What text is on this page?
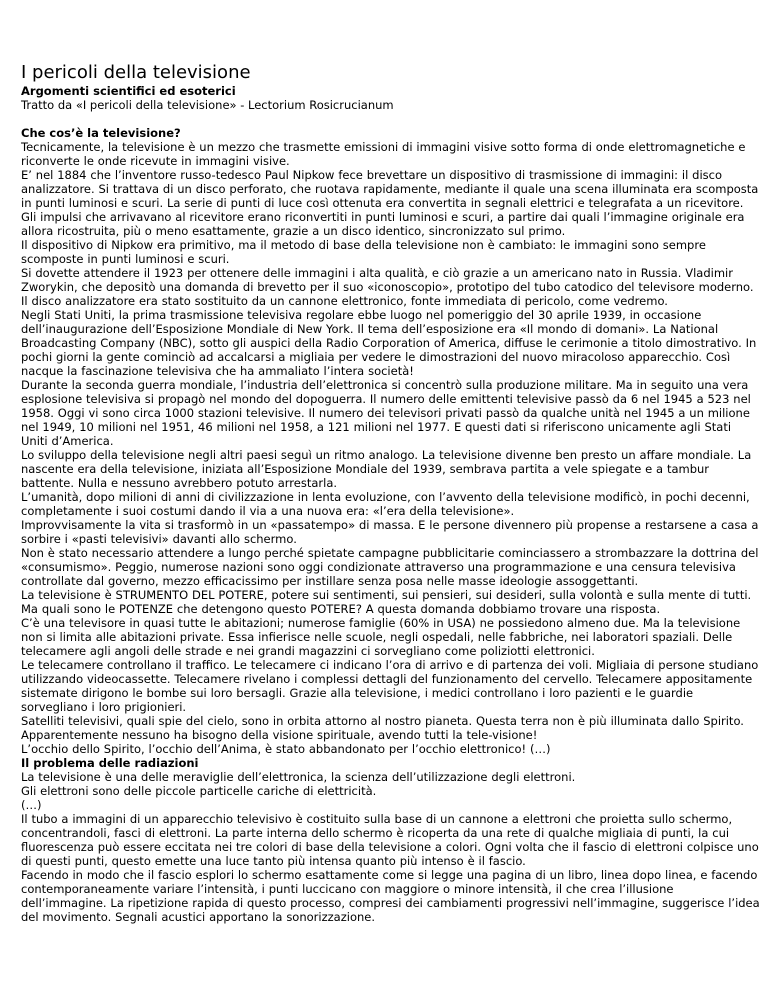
I pericoli della televisione
Argomenti scientifici ed esoterici
Tratto da «I pericoli della televisione» - Lectorium Rosicrucianum
Che cos’è la televisione?

Tecnicamente, la televisione è un mezzo che trasmette emissioni di immagini visive sotto forma di onde elettromagnetiche e riconverte le onde ricevute in immagini visive.

E’ nel 1884 che l’inventore russo-tedesco Paul Nipkow fece brevettare un dispositivo di trasmissione di immagini: il disco analizzatore. Si trattava di un disco perforato, che ruotava rapidamente, mediante il quale una scena illuminata era scomposta in punti luminosi e scuri. La serie di punti di luce così ottenuta era convertita in segnali elettrici e telegrafata a un ricevitore. Gli impulsi che arrivavano al ricevitore erano riconvertiti in punti luminosi e scuri, a partire dai quali l’immagine originale era allora ricostruita, più o meno esattamente, grazie a un disco identico, sincronizzato sul primo.

Il dispositivo di Nipkow era primitivo, ma il metodo di base della televisione non è cambiato: le immagini sono sempre scomposte in punti luminosi e scuri.

Si dovette attendere il 1923 per ottenere delle immagini i alta qualità, e ciò grazie a un americano nato in Russia. Vladimir Zworykin, che depositò una domanda di brevetto per il suo «iconoscopio», prototipo del tubo catodico del televisore moderno. Il disco analizzatore era stato sostituito da un cannone elettronico, fonte immediata di pericolo, come vedremo.

Negli Stati Uniti, la prima trasmissione televisiva regolare ebbe luogo nel pomeriggio del 30 aprile 1939, in occasione dell’inaugurazione dell’Esposizione Mondiale di New York. Il tema dell’esposizione era «Il mondo di domani». La National Broadcasting Company (NBC), sotto gli auspici della Radio Corporation of America, diffuse le cerimonie a titolo dimostrativo. In pochi giorni la gente cominciò ad accalcarsi a migliaia per vedere le dimostrazioni del nuovo miracoloso apparecchio. Così nacque la fascinazione televisiva che ha ammaliato l’intera società!

Durante la seconda guerra mondiale, l’industria dell’elettronica si concentrò sulla produzione militare. Ma in seguito una vera esplosione televisiva si propagò nel mondo del dopoguerra. Il numero delle emittenti televisive passò da 6 nel 1945 a 523 nel 1958. Oggi vi sono circa 1000 stazioni televisive. Il numero dei televisori privati passò da qualche unità nel 1945 a un milione nel 1949, 10 milioni nel 1951, 46 milioni nel 1958, a 121 milioni nel 1977. E questi dati si riferiscono unicamente agli Stati Uniti d’America.

Lo sviluppo della televisione negli altri paesi seguì un ritmo analogo. La televisione divenne ben presto un affare mondiale. La nascente era della televisione, iniziata all’Esposizione Mondiale del 1939, sembrava partita a vele spiegate e a tambur battente. Nulla e nessuno avrebbero potuto arrestarla.

L’umanità, dopo milioni di anni di civilizzazione in lenta evoluzione, con l’avvento della televisione modificò, in pochi decenni, completamente i suoi costumi dando il via a una nuova era: «l’era della televisione».

Improvvisamente la vita si trasformò in un «passatempo» di massa. E le persone divennero più propense a restarsene a casa a sorbire i «pasti televisivi» davanti allo schermo.

Non è stato necessario attendere a lungo perché spietate campagne pubblicitarie cominciassero a strombazzare la dottrina del «consumismo». Peggio, numerose nazioni sono oggi condizionate attraverso una programmazione e una censura televisiva controllate dal governo, mezzo efficacissimo per instillare senza posa nelle masse ideologie assoggettanti.

La televisione è STRUMENTO DEL POTERE, potere sui sentimenti, sui pensieri, sui desideri, sulla volontà e sulla mente di tutti. Ma quali sono le POTENZE che detengono questo POTERE? A questa domanda dobbiamo trovare una risposta.

C’è una televisore in quasi tutte le abitazioni; numerose famiglie (60% in USA) ne possiedono almeno due. Ma la televisione non si limita alle abitazioni private. Essa infierisce nelle scuole, negli ospedali, nelle fabbriche, nei laboratori spaziali. Delle telecamere agli angoli delle strade e nei grandi magazzini ci sorvegliano come poliziotti elettronici.

Le telecamere controllano il traffico. Le telecamere ci indicano l’ora di arrivo e di partenza dei voli. Migliaia di persone studiano utilizzando videocassette. Telecamere rivelano i complessi dettagli del funzionamento del cervello. Telecamere appositamente sistemate dirigono le bombe sui loro bersagli. Grazie alla televisione, i medici controllano i loro pazienti e le guardie sorvegliano i loro prigionieri.

Satelliti televisivi, quali spie del cielo, sono in orbita attorno al nostro pianeta. Questa terra non è più illuminata dallo Spirito. Apparentemente nessuno ha bisogno della visione spirituale, avendo tutti la tele-visione!

L’occhio dello Spirito, l’occhio dell’Anima, è stato abbandonato per l’occhio elettronico! (…)

Il problema delle radiazioni

La televisione è una delle meraviglie dell’elettronica, la scienza dell’utilizzazione degli elettroni.

Gli elettroni sono delle piccole particelle cariche di elettricità.

(…)

Il tubo a immagini di un apparecchio televisivo è costituito sulla base di un cannone a elettroni che proietta sullo schermo, concentrandoli, fasci di elettroni. La parte interna dello schermo è ricoperta da una rete di qualche migliaia di punti, la cui fluorescenza può essere eccitata nei tre colori di base della televisione a colori. Ogni volta che il fascio di elettroni colpisce uno di questi punti, questo emette una luce tanto più intensa quanto più intenso è il fascio.

Facendo in modo che il fascio esplori lo schermo esattamente come si legge una pagina di un libro, linea dopo linea, e facendo contemporaneamente variare l’intensità, i punti luccicano con maggiore o minore intensità, il che crea l’illusione dell’immagine. La ripetizione rapida di questo processo, compresi dei cambiamenti progressivi nell’immagine, suggerisce l’idea del movimento. Segnali acustici apportano la sonorizzazione.
